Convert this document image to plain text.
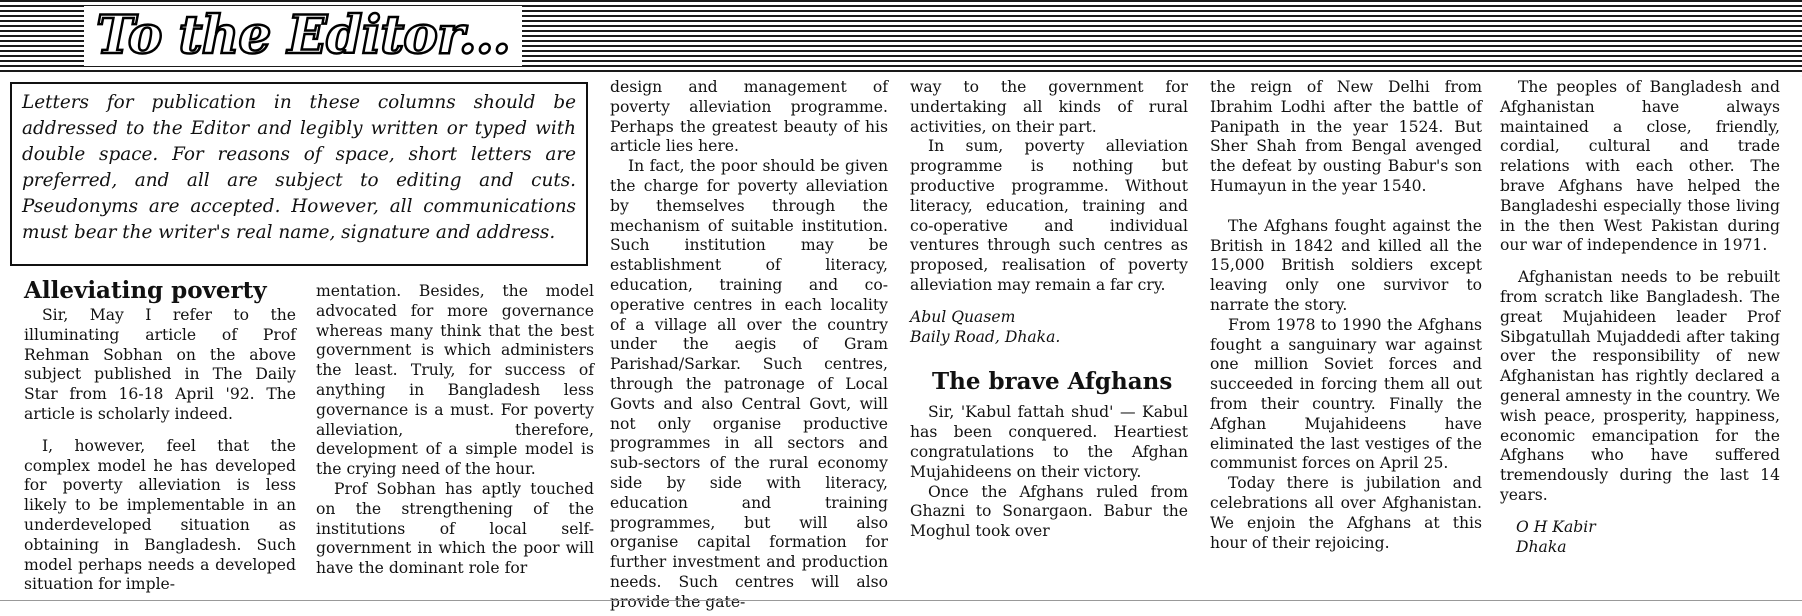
To the Editor...
Letters for publication in these columns should be addressed to the Editor and legibly written or typed with double space. For reasons of space, short letters are preferred, and all are subject to editing and cuts. Pseudonyms are accepted. However, all communications must bear the writer's real name, signature and address.
Alleviating poverty

Sir, May I refer to the illuminating article of Prof Rehman Sobhan on the above subject published in The Daily Star from 16-18 April '92. The article is scholarly indeed.

I, however, feel that the complex model he has developed for poverty alleviation is less likely to be implementable in an underdeveloped situation as obtaining in Bangladesh. Such model perhaps needs a developed situation for imple-

mentation. Besides, the model advocated for more governance whereas many think that the best government is which administers the least. Truly, for success of anything in Bangladesh less governance is a must. For poverty alleviation, therefore, development of a simple model is the crying need of the hour.

Prof Sobhan has aptly touched on the strengthening of the institutions of local self-government in which the poor will have the dominant role for

design and management of poverty alleviation programme. Perhaps the greatest beauty of his article lies here.

In fact, the poor should be given the charge for poverty alleviation by themselves through the mechanism of suitable institution. Such institution may be establishment of literacy, education, training and co-operative centres in each locality of a village all over the country under the aegis of Gram Parishad/Sarkar. Such centres, through the patronage of Local Govts and also Central Govt, will not only organise productive programmes in all sectors and sub-sectors of the rural economy side by side with literacy, education and training programmes, but will also organise capital formation for further investment and production needs. Such centres will also provide the gate-

way to the government for undertaking all kinds of rural activities, on their part.

In sum, poverty alleviation programme is nothing but productive programme. Without literacy, education, training and co-operative and individual ventures through such centres as proposed, realisation of poverty alleviation may remain a far cry.

Abul Quasem

Baily Road, Dhaka.

The brave Afghans

Sir, 'Kabul fattah shud' — Kabul has been conquered. Heartiest congratulations to the Afghan Mujahideens on their victory.

Once the Afghans ruled from Ghazni to Sonargaon. Babur the Moghul took over

the reign of New Delhi from Ibrahim Lodhi after the battle of Panipath in the year 1524. But Sher Shah from Bengal avenged the defeat by ousting Babur's son Humayun in the year 1540.

The Afghans fought against the British in 1842 and killed all the 15,000 British soldiers except leaving only one survivor to narrate the story.

From 1978 to 1990 the Afghans fought a sanguinary war against one million Soviet forces and succeeded in forcing them all out from their country. Finally the Afghan Mujahideens have eliminated the last vestiges of the communist forces on April 25.

Today there is jubilation and celebrations all over Afghanistan. We enjoin the Afghans at this hour of their rejoicing.

The peoples of Bangladesh and Afghanistan have always maintained a close, friendly, cordial, cultural and trade relations with each other. The brave Afghans have helped the Bangladeshi especially those living in the then West Pakistan during our war of independence in 1971.

Afghanistan needs to be rebuilt from scratch like Bangladesh. The great Mujahideen leader Prof Sibgatullah Mujaddedi after taking over the responsibility of new Afghanistan has rightly declared a general amnesty in the country. We wish peace, prosperity, happiness, economic emancipation for the Afghans who have suffered tremendously during the last 14 years.

O H Kabir

Dhaka
